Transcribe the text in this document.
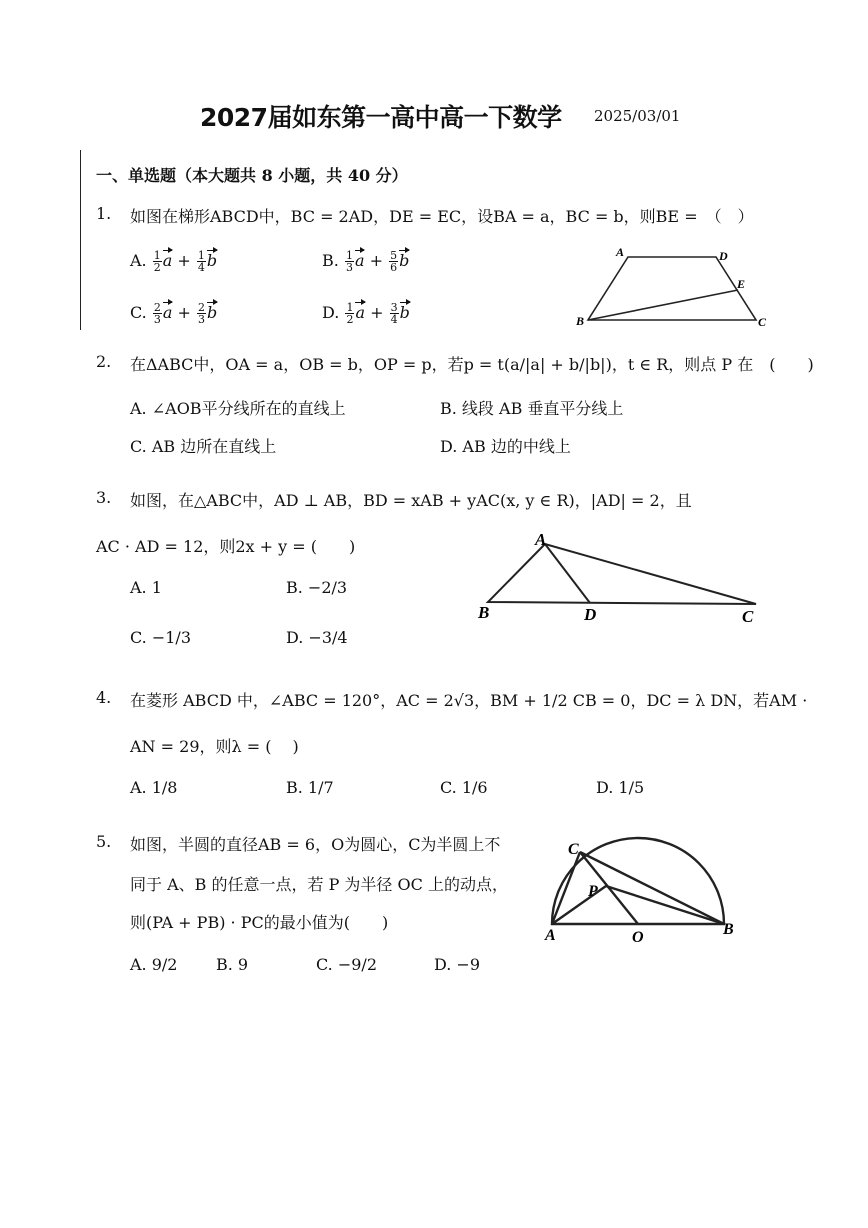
2027届如东第一高中高一下数学 2025/03/01
一、单选题（本大题共 8 小题，共 40 分）
1. 如图在梯形ABCD中，BC = 2AD，DE = EC，设BA = a，BC = b，则BE =　（　）
A. $\frac{1}{2}$ $a + \frac{1}{4}$ b	B. $\frac{1}{3}$ $a + \frac{5}{6}$ b
C. $\frac{2}{3}$ $a + \frac{2}{3}$ b	D. $\frac{1}{2}$ $a + \frac{3}{4}$ b
A	D
E
B	C
2. 在ΔABC中，OA = a，OB = b，OP = p，若p = t(a/|a| + b/|b|)，t ∈ R，则点 P 在　(　　)
A. ∠AOB平分线所在的直线上	B. 线段 AB 垂直平分线上
C. AB 边所在直线上	D. AB 边的中线上
3. 如图，在△ABC中，AD ⊥ AB，BD = xAB + yAC(x, y ∈ R)，|AD| = 2，且
AC · AD = 12，则2x + y = (　　)
A. 1	B. −2/3
C. −1/3	D. −3/4
A
B	D	C
4. 在菱形 ABCD 中，∠ABC = 120°，AC = 2√3，BM + 1/2 CB = 0，DC = λ DN，若AM ·
AN = 29，则λ = (　 )
A. 1/8	B. 1/7	C. 1/6	D. 1/5
5. 如图，半圆的直径AB = 6，O为圆心，C为半圆上不
同于 A、B 的任意一点，若 P 为半径 OC 上的动点，
则(PA + PB) · PC的最小值为(　　)
A. 9/2 B. 9	C. −9/2	D. −9
C
P
A	O	B
